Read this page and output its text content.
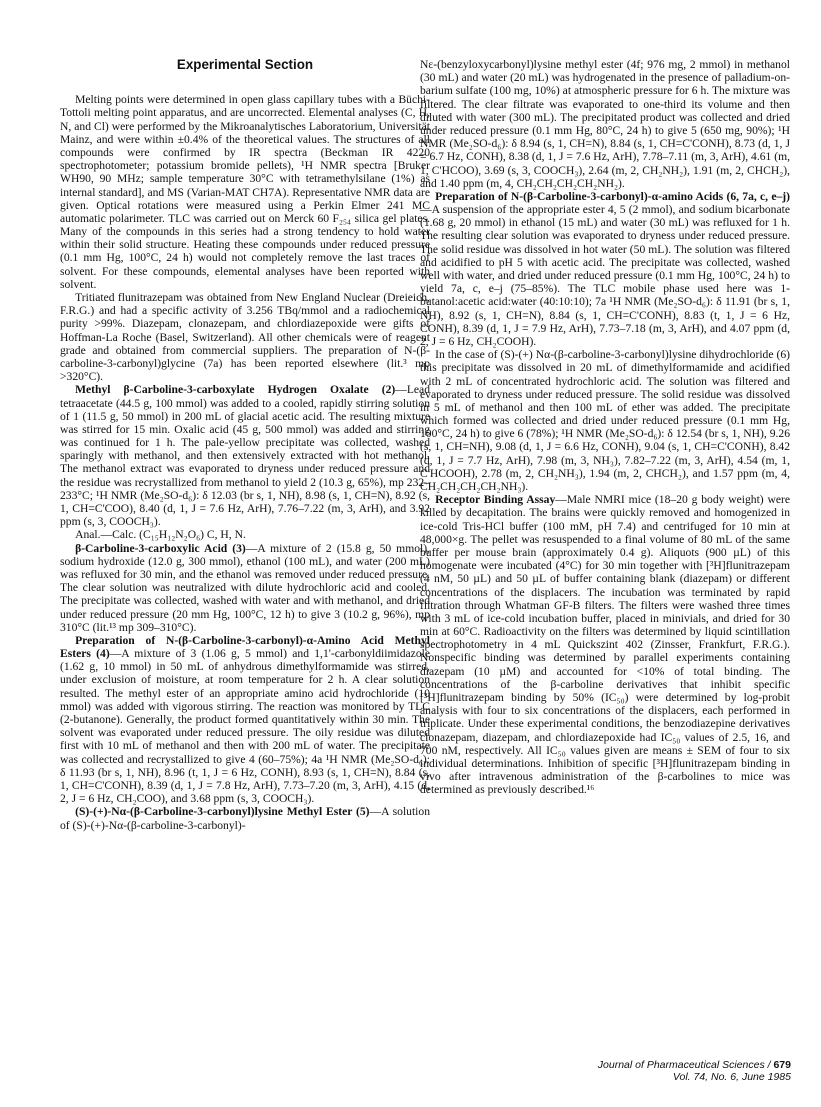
Experimental Section

Melting points were determined in open glass capillary tubes with a Büchi-Tottoli melting point apparatus, and are uncorrected. Elemental analyses (C, H, N, and Cl) were performed by the Mikroanalytisches Laboratorium, Universität Mainz, and were within ±0.4% of the theoretical values. The structures of all compounds were confirmed by IR spectra (Beckman IR 4220 spectrophotometer; potassium bromide pellets), ¹H NMR spectra [Bruker WH90, 90 MHz; sample temperature 30°C with tetramethylsilane (1%) as internal standard], and MS (Varian-MAT CH7A). Representative NMR data are given. Optical rotations were measured using a Perkin Elmer 241 MC automatic polarimeter. TLC was carried out on Merck 60 F₂₅₄ silica gel plates. Many of the compounds in this series had a strong tendency to hold water within their solid structure. Heating these compounds under reduced pressure (0.1 mm Hg, 100°C, 24 h) would not completely remove the last traces of solvent. For these compounds, elemental analyses have been reported with solvent.

Tritiated flunitrazepam was obtained from New England Nuclear (Dreieich, F.R.G.) and had a specific activity of 3.256 TBq/mmol and a radiochemical purity >99%. Diazepam, clonazepam, and chlordiazepoxide were gifts of Hoffman-La Roche (Basel, Switzerland). All other chemicals were of reagent grade and obtained from commercial suppliers. The preparation of N-(β-carboline-3-carbonyl)glycine (7a) has been reported elsewhere (lit.³ mp >320°C).

Methyl β-Carboline-3-carboxylate Hydrogen Oxalate (2)—Lead tetraacetate (44.5 g, 100 mmol) was added to a cooled, rapidly stirring solution of 1 (11.5 g, 50 mmol) in 200 mL of glacial acetic acid. The resulting mixture was stirred for 15 min. Oxalic acid (45 g, 500 mmol) was added and stirring was continued for 1 h. The pale-yellow precipitate was collected, washed sparingly with methanol, and then extensively extracted with hot methanol. The methanol extract was evaporated to dryness under reduced pressure and the residue was recrystallized from methanol to yield 2 (10.3 g, 65%), mp 232–233°C; ¹H NMR (Me₂SO-d₆): δ 12.03 (br s, 1, NH), 8.98 (s, 1, CH=N), 8.92 (s, 1, CH=C'COO), 8.40 (d, 1, J = 7.6 Hz, ArH), 7.76–7.22 (m, 3, ArH), and 3.92 ppm (s, 3, COOCH₃).

Anal.—Calc. (C₁₅H₁₂N₂O₆) C, H, N.

β-Carboline-3-carboxylic Acid (3)—A mixture of 2 (15.8 g, 50 mmol), sodium hydroxide (12.0 g, 300 mmol), ethanol (100 mL), and water (200 mL) was refluxed for 30 min, and the ethanol was removed under reduced pressure. The clear solution was neutralized with dilute hydrochloric acid and cooled. The precipitate was collected, washed with water and with methanol, and dried under reduced pressure (20 mm Hg, 100°C, 12 h) to give 3 (10.2 g, 96%), mp 310°C (lit.¹³ mp 309–310°C).

Preparation of N-(β-Carboline-3-carbonyl)-α-Amino Acid Methyl Esters (4)—A mixture of 3 (1.06 g, 5 mmol) and 1,1'-carbonyldiimidazole (1.62 g, 10 mmol) in 50 mL of anhydrous dimethylformamide was stirred, under exclusion of moisture, at room temperature for 2 h. A clear solution resulted. The methyl ester of an appropriate amino acid hydrochloride (10 mmol) was added with vigorous stirring. The reaction was monitored by TLC (2-butanone). Generally, the product formed quantitatively within 30 min. The solvent was evaporated under reduced pressure. The oily residue was diluted first with 10 mL of methanol and then with 200 mL of water. The precipitate was collected and recrystallized to give 4 (60–75%); 4a ¹H NMR (Me₂SO-d₆): δ 11.93 (br s, 1, NH), 8.96 (t, 1, J = 6 Hz, CONH), 8.93 (s, 1, CH=N), 8.84 (s, 1, CH=C'CONH), 8.39 (d, 1, J = 7.8 Hz, ArH), 7.73–7.20 (m, 3, ArH), 4.15 (d, 2, J = 6 Hz, CH₂COO), and 3.68 ppm (s, 3, COOCH₃).

(S)-(+)-Nα-(β-Carboline-3-carbonyl)lysine Methyl Ester (5)—A solution of (S)-(+)-Nα-(β-carboline-3-carbonyl)-

Nε-(benzyloxycarbonyl)lysine methyl ester (4f; 976 mg, 2 mmol) in methanol (30 mL) and water (20 mL) was hydrogenated in the presence of palladium-on-barium sulfate (100 mg, 10%) at atmospheric pressure for 6 h. The mixture was filtered. The clear filtrate was evaporated to one-third its volume and then diluted with water (300 mL). The precipitated product was collected and dried under reduced pressure (0.1 mm Hg, 80°C, 24 h) to give 5 (650 mg, 90%); ¹H NMR (Me₂SO-d₆): δ 8.94 (s, 1, CH=N), 8.84 (s, 1, CH=C'CONH), 8.73 (d, 1, J = 6.7 Hz, CONH), 8.38 (d, 1, J = 7.6 Hz, ArH), 7.78–7.11 (m, 3, ArH), 4.61 (m, 1, C'HCOO), 3.69 (s, 3, COOCH₃), 2.64 (m, 2, CH₂NH₂), 1.91 (m, 2, CHCH₂), and 1.40 ppm (m, 4, CH₂CH₂CH₂CH₂NH₂).

Preparation of N-(β-Carboline-3-carbonyl)-α-amino Acids (6, 7a, c, e–j)—A suspension of the appropriate ester 4, 5 (2 mmol), and sodium bicarbonate (1.68 g, 20 mmol) in ethanol (15 mL) and water (30 mL) was refluxed for 1 h. The resulting clear solution was evaporated to dryness under reduced pressure. The solid residue was dissolved in hot water (50 mL). The solution was filtered and acidified to pH 5 with acetic acid. The precipitate was collected, washed well with water, and dried under reduced pressure (0.1 mm Hg, 100°C, 24 h) to yield 7a, c, e–j (75–85%). The TLC mobile phase used here was 1-butanol:acetic acid:water (40:10:10); 7a ¹H NMR (Me₂SO-d₆): δ 11.91 (br s, 1, NH), 8.92 (s, 1, CH=N), 8.84 (s, 1, CH=C'CONH), 8.83 (t, 1, J = 6 Hz, CONH), 8.39 (d, 1, J = 7.9 Hz, ArH), 7.73–7.18 (m, 3, ArH), and 4.07 ppm (d, 2, J = 6 Hz, CH₂COOH).

In the case of (S)-(+) Nα-(β-carboline-3-carbonyl)lysine dihydrochloride (6) this precipitate was dissolved in 20 mL of dimethylformamide and acidified with 2 mL of concentrated hydrochloric acid. The solution was filtered and evaporated to dryness under reduced pressure. The solid residue was dissolved in 5 mL of methanol and then 100 mL of ether was added. The precipitate which formed was collected and dried under reduced pressure (0.1 mm Hg, 100°C, 24 h) to give 6 (78%); ¹H NMR (Me₂SO-d₆): δ 12.54 (br s, 1, NH), 9.26 (s, 1, CH=NH), 9.08 (d, 1, J = 6.6 Hz, CONH), 9.04 (s, 1, CH=C'CONH), 8.42 (d, 1, J = 7.7 Hz, ArH), 7.98 (m, 3, NH₃), 7.82–7.22 (m, 3, ArH), 4.54 (m, 1, C'HCOOH), 2.78 (m, 2, CH₂NH₃), 1.94 (m, 2, CHCH₂), and 1.57 ppm (m, 4, CH₂CH₂CH₂CH₂NH₃).

Receptor Binding Assay—Male NMRI mice (18–20 g body weight) were killed by decapitation. The brains were quickly removed and homogenized in ice-cold Tris-HCl buffer (100 mM, pH 7.4) and centrifuged for 10 min at 48,000×g. The pellet was resuspended to a final volume of 80 mL of the same buffer per mouse brain (approximately 0.4 g). Aliquots (900 µL) of this homogenate were incubated (4°C) for 30 min together with [³H]flunitrazepam (4 nM, 50 µL) and 50 µL of buffer containing blank (diazepam) or different concentrations of the displacers. The incubation was terminated by rapid filtration through Whatman GF-B filters. The filters were washed three times with 3 mL of ice-cold incubation buffer, placed in minivials, and dried for 30 min at 60°C. Radioactivity on the filters was determined by liquid scintillation spectrophotometry in 4 mL Quickszint 402 (Zinsser, Frankfurt, F.R.G.). Nonspecific binding was determined by parallel experiments containing diazepam (10 µM) and accounted for <10% of total binding. The concentrations of the β-carboline derivatives that inhibit specific [³H]flunitrazepam binding by 50% (IC₅₀) were determined by log-probit analysis with four to six concentrations of the displacers, each performed in triplicate. Under these experimental conditions, the benzodiazepine derivatives clonazepam, diazepam, and chlordiazepoxide had IC₅₀ values of 2.5, 16, and 700 nM, respectively. All IC₅₀ values given are means ± SEM of four to six individual determinations. Inhibition of specific [³H]flunitrazepam binding in vivo after intravenous administration of the β-carbolines to mice was determined as previously described.¹⁶

Journal of Pharmaceutical Sciences / 679
Vol. 74, No. 6, June 1985
